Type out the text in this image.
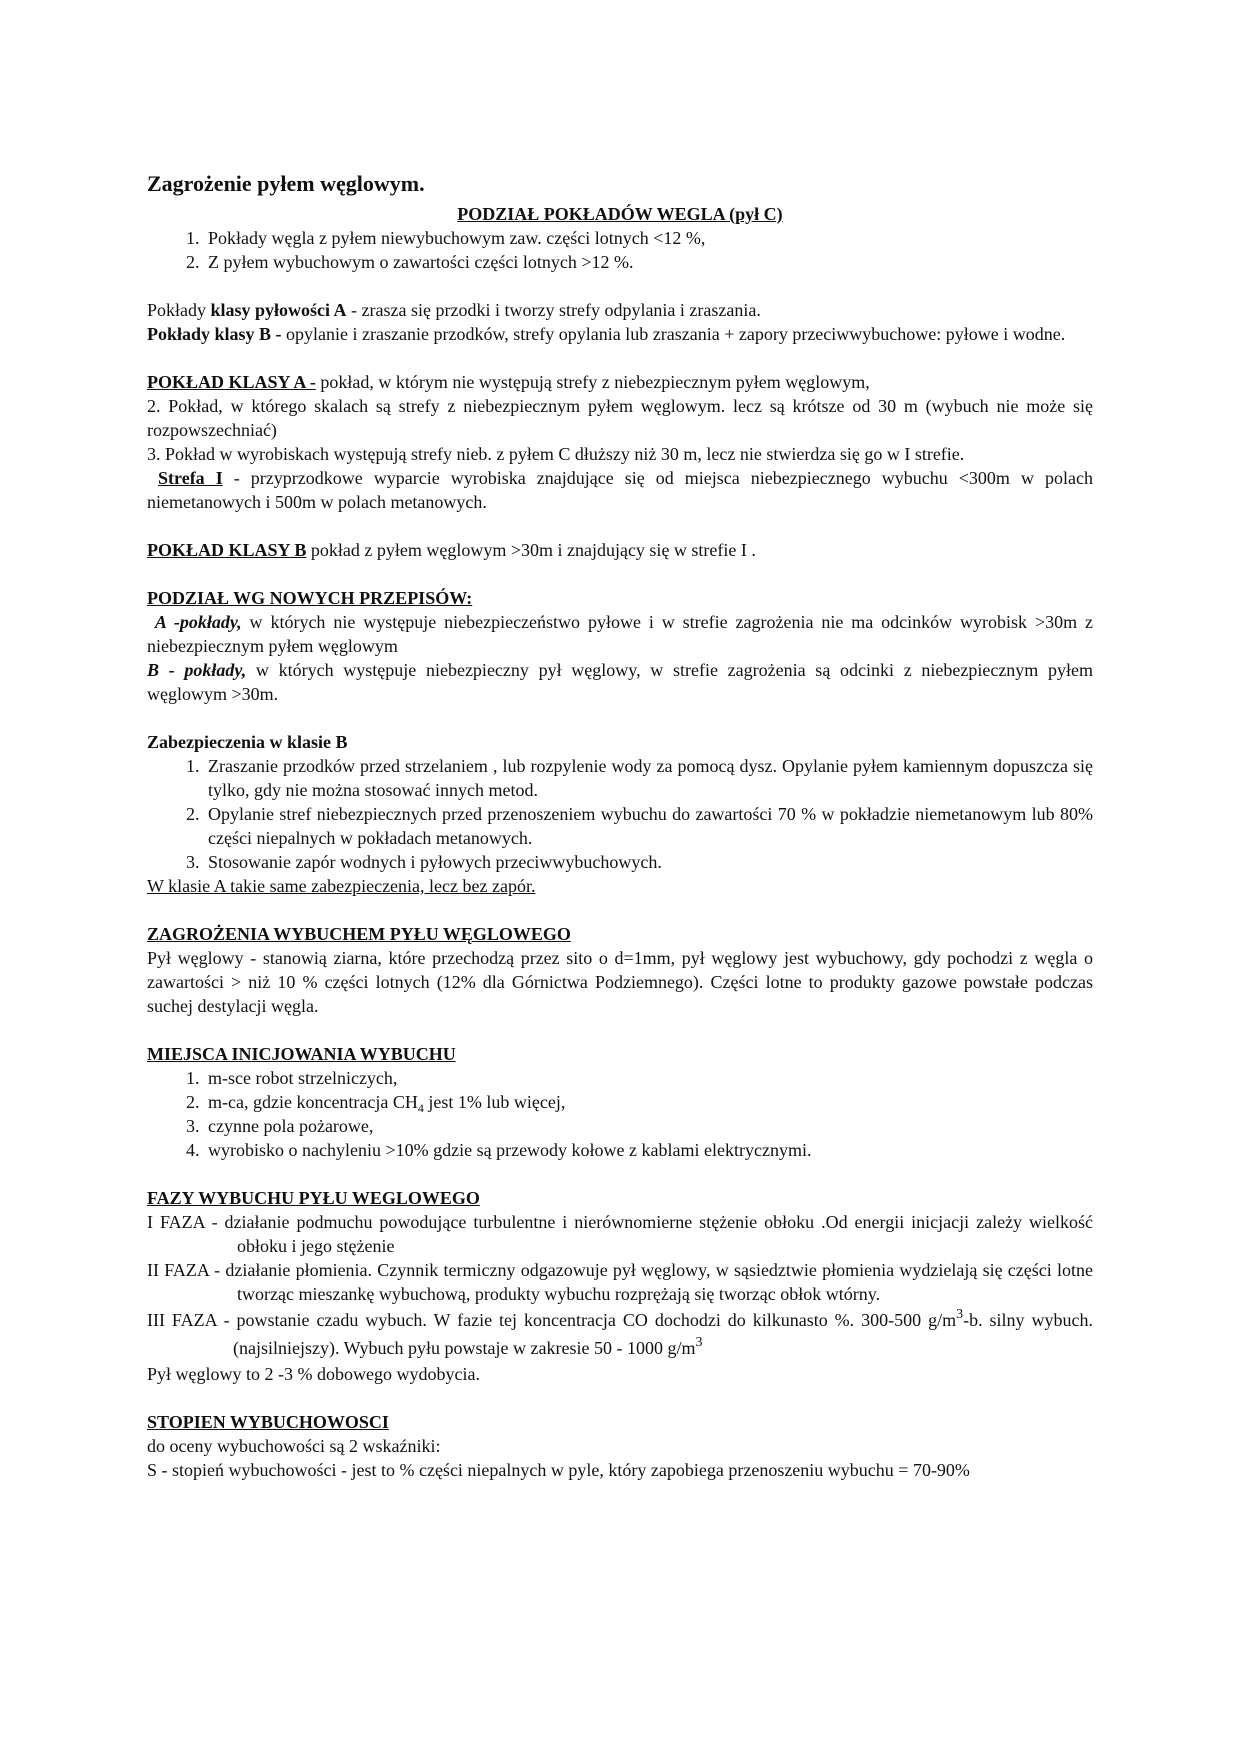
Zagrożenie pyłem węglowym.
PODZIAŁ POKŁADÓW WEGLA (pył C)
1. Pokłady węgla z pyłem niewybuchowym zaw. części lotnych <12 %,
2. Z pyłem wybuchowym o zawartości części lotnych >12 %.

Pokłady klasy pyłowości A - zrasza się przodki i tworzy strefy odpylania i zraszania.

Pokłady klasy B - opylanie i zraszanie przodków, strefy opylania lub zraszania + zapory przeciwwybuchowe: pyłowe i wodne.

POKŁAD KLASY A - pokład, w którym nie występują strefy z niebezpiecznym pyłem węglowym,

2. Pokład, w którego skalach są strefy z niebezpiecznym pyłem węglowym. lecz są krótsze od 30 m (wybuch nie może się rozpowszechniać)

3. Pokład w wyrobiskach występują strefy nieb. z pyłem C dłuższy niż 30 m, lecz nie stwierdza się go w I strefie.

Strefa I - przyprzodkowe wyparcie wyrobiska znajdujące się od miejsca niebezpiecznego wybuchu <300m w polach niemetanowych i 500m w polach metanowych.

POKŁAD KLASY B pokład z pyłem węglowym >30m i znajdujący się w strefie I .

PODZIAŁ WG NOWYCH PRZEPISÓW:

A -pokłady, w których nie występuje niebezpieczeństwo pyłowe i w strefie zagrożenia nie ma odcinków wyrobisk >30m z niebezpiecznym pyłem węglowym

B - pokłady, w których występuje niebezpieczny pył węglowy, w strefie zagrożenia są odcinki z niebezpiecznym pyłem węglowym >30m.

Zabezpieczenia w klasie B
1. Zraszanie przodków przed strzelaniem , lub rozpylenie wody za pomocą dysz. Opylanie pyłem kamiennym dopuszcza się tylko, gdy nie można stosować innych metod.
2. Opylanie stref niebezpiecznych przed przenoszeniem wybuchu do zawartości 70 % w pokładzie niemetanowym lub 80% części niepalnych w pokładach metanowych.
3. Stosowanie zapór wodnych i pyłowych przeciwwybuchowych.
W klasie A takie same zabezpieczenia, lecz bez zapór.
ZAGROŻENIA WYBUCHEM PYŁU WĘGLOWEGO

Pył węglowy - stanowią ziarna, które przechodzą przez sito o d=1mm, pył węglowy jest wybuchowy, gdy pochodzi z węgla o zawartości > niż 10 % części lotnych (12% dla Górnictwa Podziemnego). Części lotne to produkty gazowe powstałe podczas suchej destylacji węgla.

MIEJSCA INICJOWANIA WYBUCHU
1. m-sce robot strzelniczych,
2. m-ca, gdzie koncentracja $CH_4$ jest 1% lub więcej,
3. czynne pola pożarowe,
4. wyrobisko o nachyleniu >10% gdzie są przewody kołowe z kablami elektrycznymi.
FAZY WYBUCHU PYŁU WEGLOWEGO

I FAZA - działanie podmuchu powodujące turbulentne i nierównomierne stężenie obłoku .Od energii inicjacji zależy wielkość obłoku i jego stężenie

II FAZA - działanie płomienia. Czynnik termiczny odgazowuje pył węglowy, w sąsiedztwie płomienia wydzielają się części lotne tworząc mieszankę wybuchową, produkty wybuchu rozprężają się tworząc obłok wtórny.

III FAZA - powstanie czadu wybuch. W fazie tej koncentracja CO dochodzi do kilkunasto %. 300-500 $g/m^3-b$. silny wybuch. (najsilniejszy). Wybuch pyłu powstaje w zakresie 50 - 1000 $g/m^3$

Pył węglowy to 2 -3 % dobowego wydobycia.

STOPIEN WYBUCHOWOSCI

do oceny wybuchowości są 2 wskaźniki:

S - stopień wybuchowości - jest to % części niepalnych w pyle, który zapobiega przenoszeniu wybuchu = 70-90%
